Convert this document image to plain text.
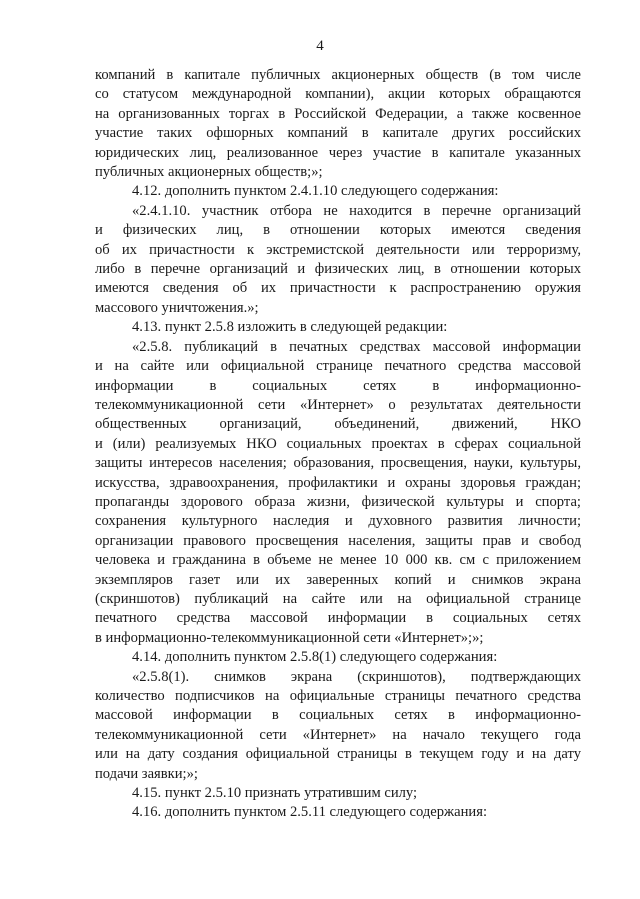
4

компаний в капитале публичных акционерных обществ (в том числе

со статусом международной компании), акции которых обращаются

на организованных торгах в Российской Федерации, а также косвенное

участие таких офшорных компаний в капитале других российских

юридических лиц, реализованное через участие в капитале указанных

публичных акционерных обществ;»;

4.12. дополнить пунктом 2.4.1.10 следующего содержания:

«2.4.1.10. участник отбора не находится в перечне организаций

и физических лиц, в отношении которых имеются сведения

об их причастности к экстремистской деятельности или терроризму,

либо в перечне организаций и физических лиц, в отношении которых

имеются сведения об их причастности к распространению оружия

массового уничтожения.»;

4.13. пункт 2.5.8 изложить в следующей редакции:

«2.5.8. публикаций в печатных средствах массовой информации

и на сайте или официальной странице печатного средства массовой

информации в социальных сетях в информационно-

телекоммуникационной сети «Интернет» о результатах деятельности

общественных организаций, объединений, движений, НКО

и (или) реализуемых НКО социальных проектах в сферах социальной

защиты интересов населения; образования, просвещения, науки, культуры,

искусства, здравоохранения, профилактики и охраны здоровья граждан;

пропаганды здорового образа жизни, физической культуры и спорта;

сохранения культурного наследия и духовного развития личности;

организации правового просвещения населения, защиты прав и свобод

человека и гражданина в объеме не менее 10 000 кв. см с приложением

экземпляров газет или их заверенных копий и снимков экрана

(скриншотов) публикаций на сайте или на официальной странице

печатного средства массовой информации в социальных сетях

в информационно-телекоммуникационной сети «Интернет»;»;

4.14. дополнить пунктом 2.5.8(1) следующего содержания:

«2.5.8(1). снимков экрана (скриншотов), подтверждающих

количество подписчиков на официальные страницы печатного средства

массовой информации в социальных сетях в информационно-

телекоммуникационной сети «Интернет» на начало текущего года

или на дату создания официальной страницы в текущем году и на дату

подачи заявки;»;

4.15. пункт 2.5.10 признать утратившим силу;

4.16. дополнить пунктом 2.5.11 следующего содержания:
